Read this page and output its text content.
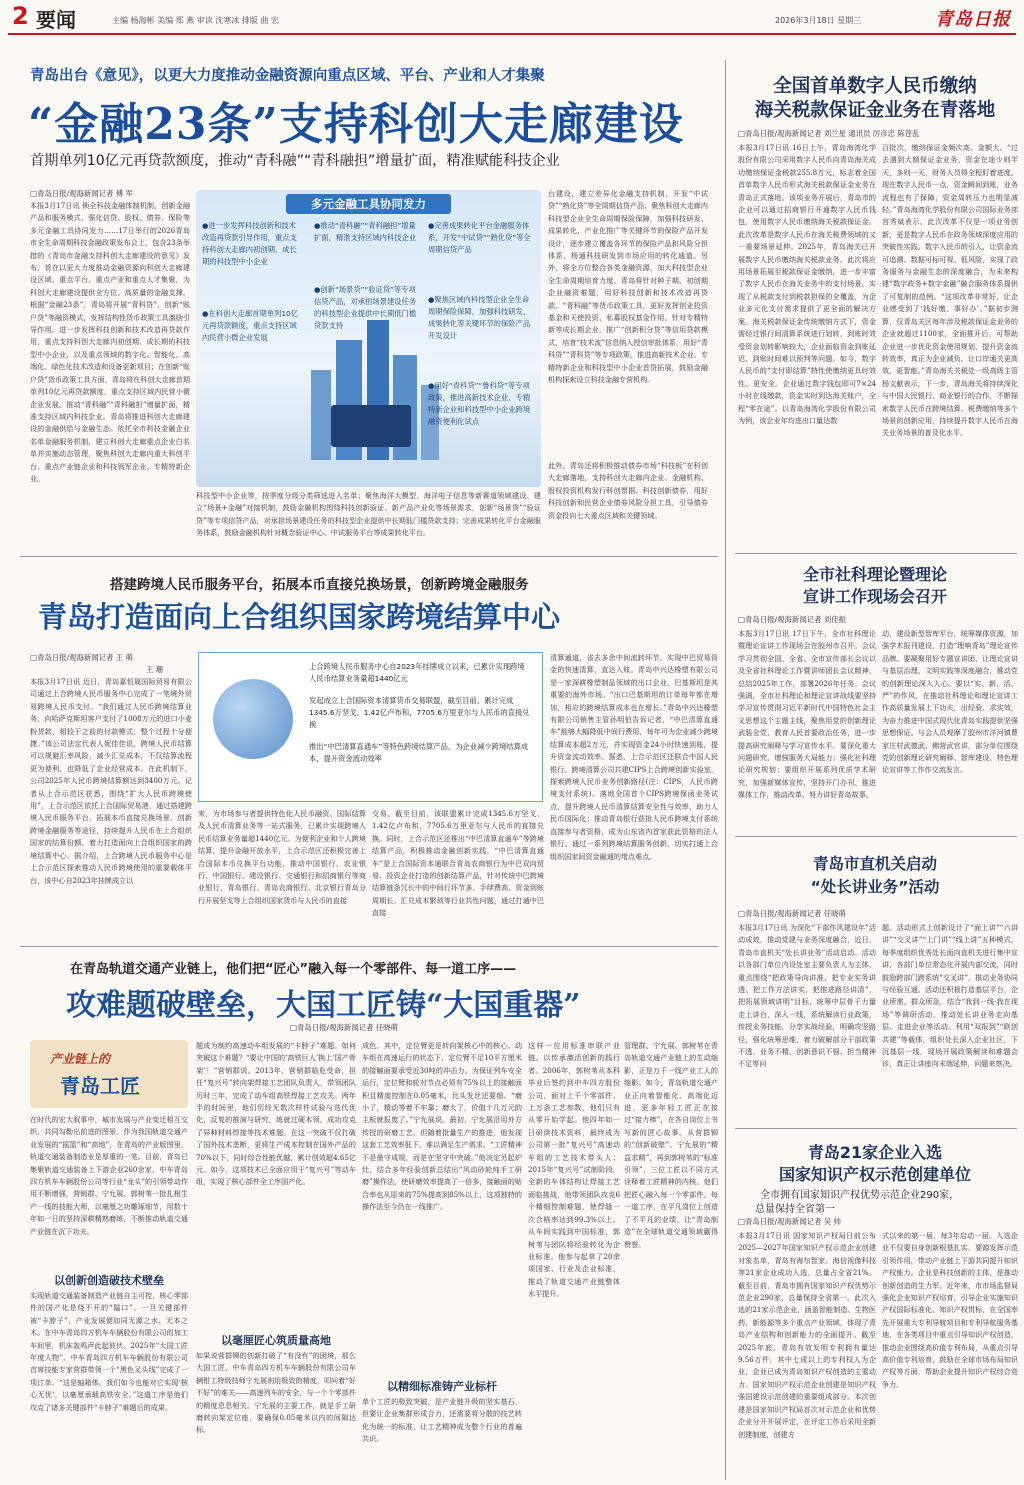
2 要闻	主编 杨海彬 美编 郑 燕 审读 沈寒冰 排版 曲 宏	2026年3月18日 星期三	青岛日报
青岛出台《意见》，以更大力度推动金融资源向重点区域、平台、产业和人才集聚
“金融23条”支持科创大走廊建设
首期单列10亿元再贷款额度，推动“青科融”“青科融担”增量扩面，精准赋能科技企业
□青岛日报/观海新闻记者 傅 军
本报3月17日讯 锁全科技金融体制机制，创新金融产品和服务模式，强化信贷、股权、债券、保险等多元金融工具协同发力……17日举行的2026青岛市全生命周期科技金融政策发布会上，包含23条举措的《青岛市金融支持科创大走廊建设的意见》发布，旨在以更大力度推动金融资源向科创大走廊建设区域、重点平台、重点产业和重点人才集聚，为科创大走廊建设提供全方位、高质量的金融支撑。根据“金融23条”，青岛将开展“青科贷”，创新“账户贷”等融资模式，发挥结构性货币政策工具激励引导作用。进一步发挥科技创新和技术改造再贷款作用，重点支持科创大走廊内初创期、成长期的科技型中小企业，以及重点领域的数字化、智能化、高端化、绿色化技术改造和设备更新项目；在创新“账户贷”货币政策工具方面，青岛将在科创大走廊首期单列10亿元再贷款额度，重点支持区域内民营小微企业发展。推动“青科融”“青科融担”增量扩面，精准支持区域内科技企业。青岛将推进科创大走廊建设的金融供给与金融生态。依托全市科技金融企业名单金融服务机制，建立科创大走廊重点企业白名单并实施动态管理，聚焦科创大走廊内重大科创平台、重点产业链企业和科技领军企业、专精特新企业。
多元金融工具协同发力
●进一步发挥科技创新和技术改造再贷款引导作用，重点支持科创大走廊内初创期、成长期的科技型中小企业
●推动“青科融”“青科融担”增量扩面，精准支持区域内科技企业
●完善成果转化平台金融服务体系，开发“中试贷”“熟化贷”等全周期信贷产品
●在科创大走廊首期单列10亿元再贷款额度，重点支持区域内民营小微企业发展
●创新“场景贷”“验证贷”等专项信贷产品，对承担场景建设任务的科技型企业提供中长期低门槛贷款支持
●聚焦区域内科技型企业全生命周期保险保障，加强科技研发、成果转化等关键环节的保险产品开发设计
●用好“青科贷”“鲁科贷”等专项政策，推进高新技术企业、专精特新企业和科技型中小企业跨境融资便利化试点
科技型中小企业等，按季度分级分类筛选进入名单；聚焦海洋大模型、海洋电子信息等新赛道领域建设、建立“场景+金融”对接机制，鼓励金融机构围绕科技创新验证、新产品产业化等场景需求，创新“场景贷”“验证贷”等专项信贷产品，对承担场景建设任务的科技型企业提供中长期低门槛贷款支持；完善成果转化平台金融服务体系，鼓励金融机构针对概念验证中心、中试服务平台等成果转化平台。
台建设，建立差异化金融支持机制，开发“中试贷”“熟化贷”等全周期信贷产品；聚焦科创大走廊内科技型企业全生命周期保险保障，加强科技研发、成果转化、产业化推广等关键环节的保险产品开发设计，逐步建立覆盖各环节的保险产品和风险分担体系，杨通科技研发到市场应用的转化通道。另外，将全方位整合各类金融资源，加大科技型企业全生命周期培育力度。青岛将针对种子期、初创期企业融资难题，用好科技创新和技术改造再贷款、“青科融”等货币政策工具，更好发挥创业投资基金和天使投资、私募股权基金作用。针对专精特新等成长期企业，推广“创新积分贷”等信用贷款模式，培育“技术流”信息纳入授信审批体系，用好“青科贷”“青科贷”等专项政策，推进高新技术企业、专精特新企业和科技型中小企业首贷拓展，鼓励金融机构探索设立科技金融专营机构。
此外，青岛还将积极推动债券市场“科技板”在科创大走廊落地，支持科创大走廊内企业、金融机构、股权投资机构发行科创票据、科技创新债券，用好科技创新和民营企业债券风险分担工具，引导债券资金投向七大重点区域和关键领域。
全国首单数字人民币缴纳
海关税款保证金业务在青落地
□青岛日报/观海新闻记者 刘兰星 通讯员 厉彦忠 陈苍乱
本报3月17日讯 16日上午，青岛海湾化学股份有限公司采用数字人民币向青岛海关成功缴纳保证金税款255.8万元，标志着全国首单数字人民币形式海关税款保证金业务在青岛正式落地。该项业务开展后，青岛市的企业可以通过招商银行开通数字人民币钱包，使用数字人民币缴纳海关税款保证金。此次改革是数字人民币在海关税费领域的又一重要场景延伸。2025年，青岛海关已开展数字人民币缴纳海关税款业务。此次将应用场景拓展至税款保证金缴纳，进一步丰富了数字人民币在海关业务中的支付场景，实现了从税款支付到税款担保的全覆盖，为企业多元化支付需求提供了更全面的解决方案。海关税款保证金传统缴纳方式下，资金需经过银行间清算系统进行划转，到账时效受资金划转影响较大，企业面临资金到账延迟、到账时间难以预判等问题。如今，数字人民币的“支付即结算”特性使缴纳更具时效性、更安全。企业通过数字钱包即可7×24小时在线缴款，资金实时到达海关账户，全程“零在途”。以青岛海湾化学股份有限公司为例，该企业年均进出口量达数
百批次，缴纳保证金频次高、金额大。“过去遇到大额保证金业务，资金在途少则半天，多则一天，财务人员得全程盯着进度。现在数字人民币一点，资金瞬间到账，业务流程也有了保障，资金周转压力也明显减轻。”青岛海湾化学股份有限公司国际业务部宫秀斌表示。此次改革不仅是一项业务创新，更是数字人民币在政务领域深度应用的突破性实践。数字人民币的引入，让资金流可追溯、数据可标可视、低风险，实现了政务服务与金融生态的深度融合，为未来构建“数字政务+数字金融”融合服务体系提供了可复制的范例。“这项改革非常好，让企业感受到了‘钱好缴、事好办’。”据初步测算，仅青岛关区每年涉及税款保证金业务的企业就超过1100家，全面推开后，可帮助企业进一步优化资金使用规划，提升资金流转效率，真正为企业减负、让口岸通关更高效、更智能。”青岛海关关税处一级高级主管杨文献表示，下一步，青岛海关将持续深化与中国人民银行、商业银行的合作，不断探索数字人民币在跨境结算、税费缴纳等多个场景的创新应用，持续提升数字人民币在海关业务场景的普及化水平。
搭建跨境人民币服务平台，拓展本币直接兑换场景，创新跨境金融服务
青岛打造面向上合组织国家跨境结算中心
□青岛日报/观海新闻记者 王 萌
王 珊
本报3月17日讯 近日，青岛嘉恒晟国际贸易有限公司通过上合跨境人民币服务中心完成了一笔境外贸易跨境人民币支付。“我们通过人民币跨境结算业务，向哈萨克斯坦客户支付了1008万元的进口小麦粉货款，相较于之前的付款模式，整个过程十分便捷。”该公司法定代表人妮佳佳说，跨境人民币结算可以规避汇率风险，减少汇兑成本，不仅结算流程更为便利，也降低了企业经营成本。在此机制下，公司2025年人民币跨境结算额达到3400万元。记者从上合示范区获悉，围绕“扩大人民币跨境使用”，上合示范区依托上合国际贸易港，通过搭建跨境人民币服务平台，拓展本币直接兑换场景、创新跨境金融服务等途径，持续提升人民币在上合组织国家的结算份额，着力打造面向上合组织国家的跨境结算中心。据介绍，上合跨境人民币服务中心是上合示范区探索推动人民币跨境使用的重要载体平台，该中心自2023年挂牌成立以
上合跨境人民币服务中心自2023年挂牌成立以来，已累计实现跨境人民币结算业务量超1440亿元
发起成立上合国际资本清算货币交易联盟，截至目前，累计完成1345.6万坚戈、1.42亿卢布和，7705.6万里亚尔与人民币的直接兑换
推出“中巴清算直通车”等特色跨境结算产品，为企业减少跨境结算成本，提升资金流动效率
来，为市场参与者提供特色化人民币融资、国际结算及人民币清算业务等一站式服务，已累计实现跨境人民币结算业务量超1440亿元。为便利企业和个人跨境结算，提升金融开放水平，上合示范区还积极完善上合国际本币兑换平台功能，推动中国银行、农业银行、中国银行、建设银行、交通银行和招商银行等商业银行，青岛银行、青岛农商银行、北京银行青岛分行开展坚戈等上合组织国家货币与人民币的直接
交易。截至目前，该联盟累计完成1345.6万坚戈、1.42亿卢布和，7705.6万里亚尔与人民币的直接兑换。同时，上合示范区还推出“中巴清算直通车”等跨境结算产品，积极推动金融创新实践，“中巴清算直通车”是上合国际资本通联合青岛农商银行为中巴双向贸易、投资企业打造的创新结算产品，针对传统中巴跨境结算链条冗长中的中间行环节多、手续费高、资金到账周期长、汇兑成本繁琐等行业共性问题，通过打通中巴直接
清算通道，省去多余中间流转环节，实现中巴贸易资金的快速清算、直达入账。青岛中兴达橡塑有限公司是一家深耕橡塑制品领域的出口企业，巴基斯坦是其重要的海外市场。“出口巴基斯坦的订单每年都在增加，相应的跨境结算成本也在增长。”青岛中兴达橡塑有限公司销售主管孙明伯告诉记者，“中巴清算直通车”能够大幅降低中间行费用，每年可为企业减少跨境结算成本超2万元，并实现资金24小时快速到账，提升资金流动效率。据悉，上合示范区还联合中国人民银行、跨境清算公司共建CIPS上合跨境创新实验室，探索跨境人民币业务创新路径(注：CIPS，人民币跨境支付系统)。落地全国首个CIPS跨境保函业务试点，提升跨境人民币清算结算安全性与效率，助力人民币国际化；推动青岛银行获批人民币跨境支付系统直接参与者资格，成为山东省内首家获此资格的法人银行。通过一系列跨境结算服务创新，切实打通上合组织国家间资金融通的堵点难点。
全市社科理论暨理论
宣讲工作现场会召开
□青岛日报/观海新闻记者 刘佳振
本报3月17日讯 17日下午，全市社科理论暨理论宣讲工作现场会在胶州市召开。会议学习贯彻全国、全省、全市宣传部长会议以及全省社科理论工作暨讲师团长会议精神，总结2025年工作，部署2026年任务。会议强调，全市社科理论和理论宣讲战线要坚持学习宣传贯彻习近平新时代中国特色社会主义思想这个主题主线，聚焦用党的创新理论武装全党、教育人民首要政治任务，进一步提高研究阐释与学习宣传水平。要深化重大问题研究，增强服务大局能力；强化社科理论研究规划；要组织开展系列优质学术研究，加强新媒体宣传，坚持开门办刊、推进媒体工作，推动改革、努力讲好青岛故事。
动，建设新型智库平台，统筹媒体资源，加强学术报刊建设，打造“理响青岛”理论宣传品牌。要凝聚用好专题宣讲团，让理论宣讲与基层治理、文明实践等深度融合，推动党的创新理论深入人心。要以“实、新、活、严”的作风，在推动社科理论和理论宣讲工作高质量发展上下功夫，出经验、求实效，为奋力推进中国式现代化青岛实践提供坚强思想保证。与会人员观摩了胶州市洋河镇曹家庄村武德武、佛营武官讲，部分单位围绕党的创新理论研究阐释、智库建设、特色理论宣讲等工作作交流发言。
青岛市直机关启动
“处长讲业务”活动
□青岛日报/观海新闻记者 任晓萌
本报3月17日讯 为深化“下部作风建设年”活动成效，推动党建与业务深度融合，近日，青岛市直机关“处长讲业务”活动启动。活动以各部门单位内设处室主要负责人为主体，重点围绕“把政策导向讲准、把专业实务讲透、把工作方法讲实、把推进路径讲清”，把拓展领域讲明“目标，统筹中层骨干力量走上讲台，深入一线，系统解读行业政策，传授业务技能，分享实战经验，明确攻坚路径，强化统筹思维，着力破解部分干部政策不透、业务不精、创新意识不强、担当精神不足等问
题。活动形式上创新设计了“面上讲”“六讲讲”“交叉讲”“上门讲”“线上讲”五种模式，每季度组织优秀处长面向直机关进行集中宣讲，各部门单位常态化开展内部交流，同时鼓励跨部门跨系统“交叉讲”，推动业务协同与经验互通。活动还积极打造基层平台，企业所需、群众所急，结合“我到一线·我在现场”等调研活动，推动处长讲业务走向基层、走进企业等活动。利用“双报到”“联创共建”等载体，组织处长深入企业社区，下沉基层一线，现场开展政策解读和难题会诊，真正让讲座向末端延伸，问题来察决。
青岛21家企业入选
国家知识产权示范创建单位
全市拥有国家知识产权优势示范企业290家，
总量保持全省第一
□青岛日报/观海新闻记者 吴 帅
本报3月17日讯 国家知识产权局日前公布2025—2027年国家知识产权示范企业创建对象名单，青岛有海尔智家、海信视像科技等21家企业成功入选，总量占全省21%。截至目前，青岛市拥有国家知识产权优势示范企业290家，总量保持全省第一。此次入选的21家示范企业，涵盖智能制造、生物医药、新能源等多个重点产业领域，体现了青岛产业结构和创新能力的全面提升。截至2025年底，青岛有效发明专利拥有量达9.56万件，其中七成以上的专利权人为企业，企业已成为青岛知识产权创造的主要动力。国家知识产权示范企业创建是知识产权强国建设示范创建的重要组成部分。本次创建是国家知识产权局首次对示范企业和优势企业分开开展评定，在评定工作后采用全新创建制度，创建方
式以来的第一届，每3年启动一届。入选企业不仅要自身创新根基扎实，要源发挥示范引领作用，带动产业链上下游共同提升知识产权能力。企业是科技创新的主体，是推动创新创造的生力军。近年来，市市场监督局强化企业知识产权培育，引导企业实施知识产权国际标准化、知识产权贯标，在全国率先开展重大专利导航项目和专利导航服务基地，在各类项目中重点引导知识产权创造，推动企业围绕高价值专利布局，从重点引导高价值专利培育、鼓励在全球市场布局知识产权等方面，帮助企业提升知识产权综合竞争力。
在青岛轨道交通产业链上，他们把“匠心”融入每一个零部件、每一道工序——
攻难题破壁垒，大国工匠铸“大国重器”
□青岛日报/观海新闻记者 任晓萌
产业链上的
青岛工匠
在时代的宏大叙事中，城市发展与产业变迁相互交织，共同勾勒出前进的图景。作为我国轨道交通产业发展的“摇篮”和“高地”，在青岛的产业版图里，轨道交通装备制造业是厚重的一笔。目前，青岛已集聚轨道交通装备上下游企业260余家，中车青岛四方机车车辆股份公司等行业“龙头”的引领带动作用不断增强，营销群、宁允展、郭树苇一批扎根生产一线的技能大师，以毫厘之功雕琢细节，用数十年如一日的坚持深耕精熟磨练，不断推动轨道交通产业链在沉下功夫。
以创新创造破技术壁垒
实现轨道交通装备制造产业链自主可控，核心零部件的国产化是绕不开的“隘口”。一旦关键部件被“卡脖子”，产业发展便如同无源之水、无本之木。在中车青岛四方机车车辆股份有限公司的加工车间里，机床轰鸣声此起彼伏。2025年“大国工匠年度人物”、中车青岛四方机车车辆股份有限公司首席技能专家营群带领一个“黑色叉头线”完成了一项订单。“这是轴箱体，我们如今也能对它实现‘核心无忧’，以毫厘承载高铁安全。”这道工序是他们攻克了诸多关键部件“卡脖子”难题后的成果。
题成为制约高速动车组发展的“卡脖子”难题。如何突破这个难题？“要让中国的‘高铁巨人’换上‘国产骨架’！”营销群说。2013年，营销群临危受命，担任“复兴号”转向架焊接工艺团队负责人，带领团队历时三年，完成了动车组高铁焊接工艺攻关。两年半的时间里，他们历经无数次样件试验与迭代优化，反复的推演与研究，练就过硬本领，成功攻克了异种材料焊接等技术难题。在这一突破不仅打破了国外技术垄断，更将生产成本控制在国外产品的70%以下，同时综合性能优越，累计创效超4.65亿元。如今，这项技术已全面应用于“复兴号”等动车组，实现了核心部件全工序国产化。
以毫厘匠心筑质量高地
如果说营群铆的创新打破了“有没有”的困境，那么大国工匠、中车青岛四方机车车辆股份有限公司车辆钳工特级技师宁允展则用极致的精度，叩问着“好不好”的难关——高速列车的安全，与一个个零部件的精度息息相关。宁允展的主要工作，就是手工研磨转向架定位座，要确保0.05毫米以内的间隙达标。
成色。其中，定位臂更是转向架核心中的核心。动车组在高速运行的状态下，定位臂不足10平方厘米的接触面要承受近30吨的冲击力。为保证列车安全运行，定位臂和轮对节点必须有75%以上的接触面积且精度控制在0.05毫米，比头发丝还要细。“磨小了，精动等着不牢靠；磨大了，价值十几万元的主板就报废了。”宁允展说。最初，宁允展沿用外方传授的研磨工艺，但随着批量生产的推进，他发现这套工艺效率低下，难以满足生产需求。“工匠精神不是墨守成规，而是在坚守中突破。”他决定另起炉灶，结合多年经验创新总结出“风动砂轮纯手工研磨”操作法，使研磨效率提高了一倍多，接触面的贴合率也从原来的75%提高到85%以上，这项独特的操作法至今仍在一线推广。
以精细标准铸产业标杆
单个工匠的极致突破，是产业链升级的坚实基石，但要让企业集群形成合力，还需要将分散的技艺转化为统一的标准，让工艺精神成为整个行业的普遍共识。
这样一位用标准串联产业链、以传承激活创新的践行者。2006年，郭树苇从本科毕业后签约到中车四方股份公司，面对上千个零部件、上万条工艺参数，他们只有从零开始学起。他四年如一日研读技术资料，最终成为公司第一批“复兴号”高速动车组的工艺技术带头人；2015年“复兴号”试制阶段，全新的车体结构让焊接工艺面临挑战，他带领团队攻克6个精细控制难题，使焊缝一次合格率达到99.3%以上。从车间实践到中国标准，郭树苇与团队将经验转化为企业标准。他参与起草了20余项国家、行业及企业标准，推动了轨道交通产业链整体水平提升。
管理群、宁允展、郭树苇在青岛轨道交通产业链上的生动缩影，正是万千一线产业工人的缩影。如今，青岛轨道交通产业正向着智能化、高端化迈进，更多年轻工匠正在接过“接力棒”，在各自岗位上书写新的匠心故事。从营群铆的“创新破壁”、宁允展的“精益求精”，再到郭树苇的“标准引领”，三位工匠以不同方式诠释着工匠精神的内核。他们把匠心融入每一个零部件、每一道工序，在平凡岗位上创造了不平凡的业绩，让“青岛制造”在全球轨道交通领域赢得赞誉。
